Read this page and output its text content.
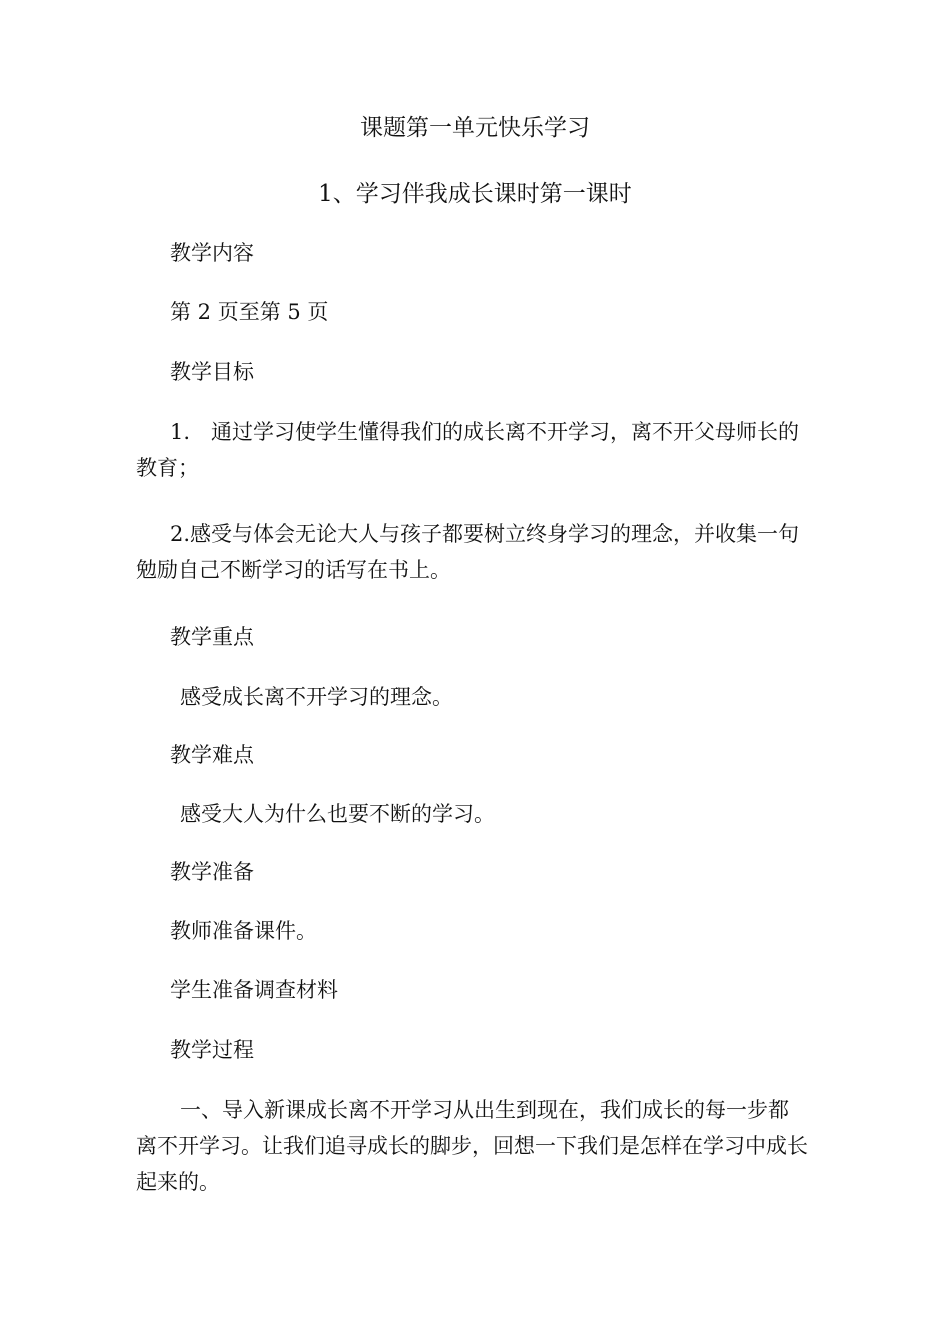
课题第一单元快乐学习
1、学习伴我成长课时第一课时
教学内容
第 2 页至第 5 页
教学目标
1.　通过学习使学生懂得我们的成长离不开学习，离不开父母师长的教育；
2.感受与体会无论大人与孩子都要树立终身学习的理念，并收集一句勉励自己不断学习的话写在书上。
教学重点
感受成长离不开学习的理念。
教学难点
感受大人为什么也要不断的学习。
教学准备
教师准备课件。
学生准备调查材料
教学过程
一、导入新课成长离不开学习从出生到现在，我们成长的每一步都离不开学习。让我们追寻成长的脚步，回想一下我们是怎样在学习中成长起来的。
